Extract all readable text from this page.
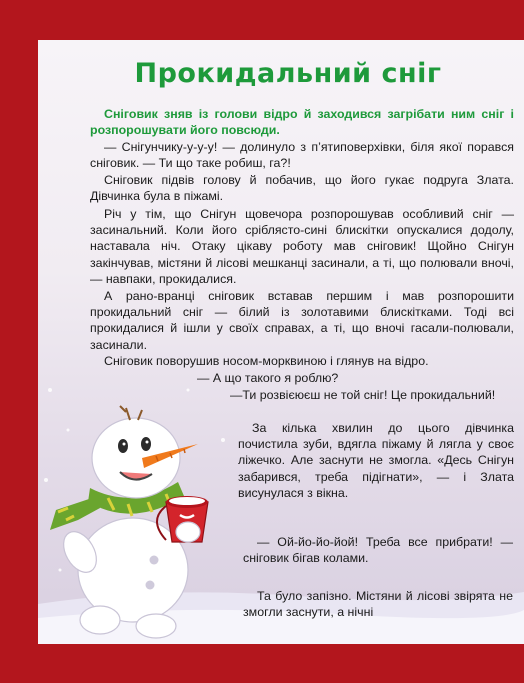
Прокидальний сніг

Сніговик зняв із голови відро й заходився загрібати ним сніг і розпорошувати його повсюди.

— Снігунчику-у-у-у! — долинуло з п’ятиповерхівки, біля якої порався сніговик. — Ти що таке робиш, га?!

Сніговик підвів голову й побачив, що його гукає подруга Злата. Дівчинка була в піжамі.

Річ у тім, що Снігун щовечора розпорошував особливий сніг — засинальний. Коли його сріблясто-сині блискітки опускалися додолу, наставала ніч. Отаку цікаву роботу мав сніговик! Щойно Снігун закінчував, містяни й лісові мешканці засинали, а ті, що полювали вночі, — навпаки, прокидалися.

А рано-вранці сніговик вставав першим і мав розпорошити прокидальний сніг — білий із золотавими блискітками. Тоді всі прокидалися й ішли у своїх справах, а ті, що вночі гасали-полювали, засинали.

Сніговик поворушив носом-морквиною і глянув на відро.

— А що такого я роблю?

—Ти розвієюєш не той сніг! Це прокидальний!

За кілька хвилин до цього дівчинка почистила зуби, вдягла піжаму й лягла у своє ліжечко. Але заснути не змогла. «Десь Снігун забарився, треба підігнати», — і Злата висунулася з вікна.

— Ой-йо-йо-йой! Треба все прибрати! — сніговик бігав колами.

Та було запізно. Містяни й лісові звірята не змогли заснути, а нічні
